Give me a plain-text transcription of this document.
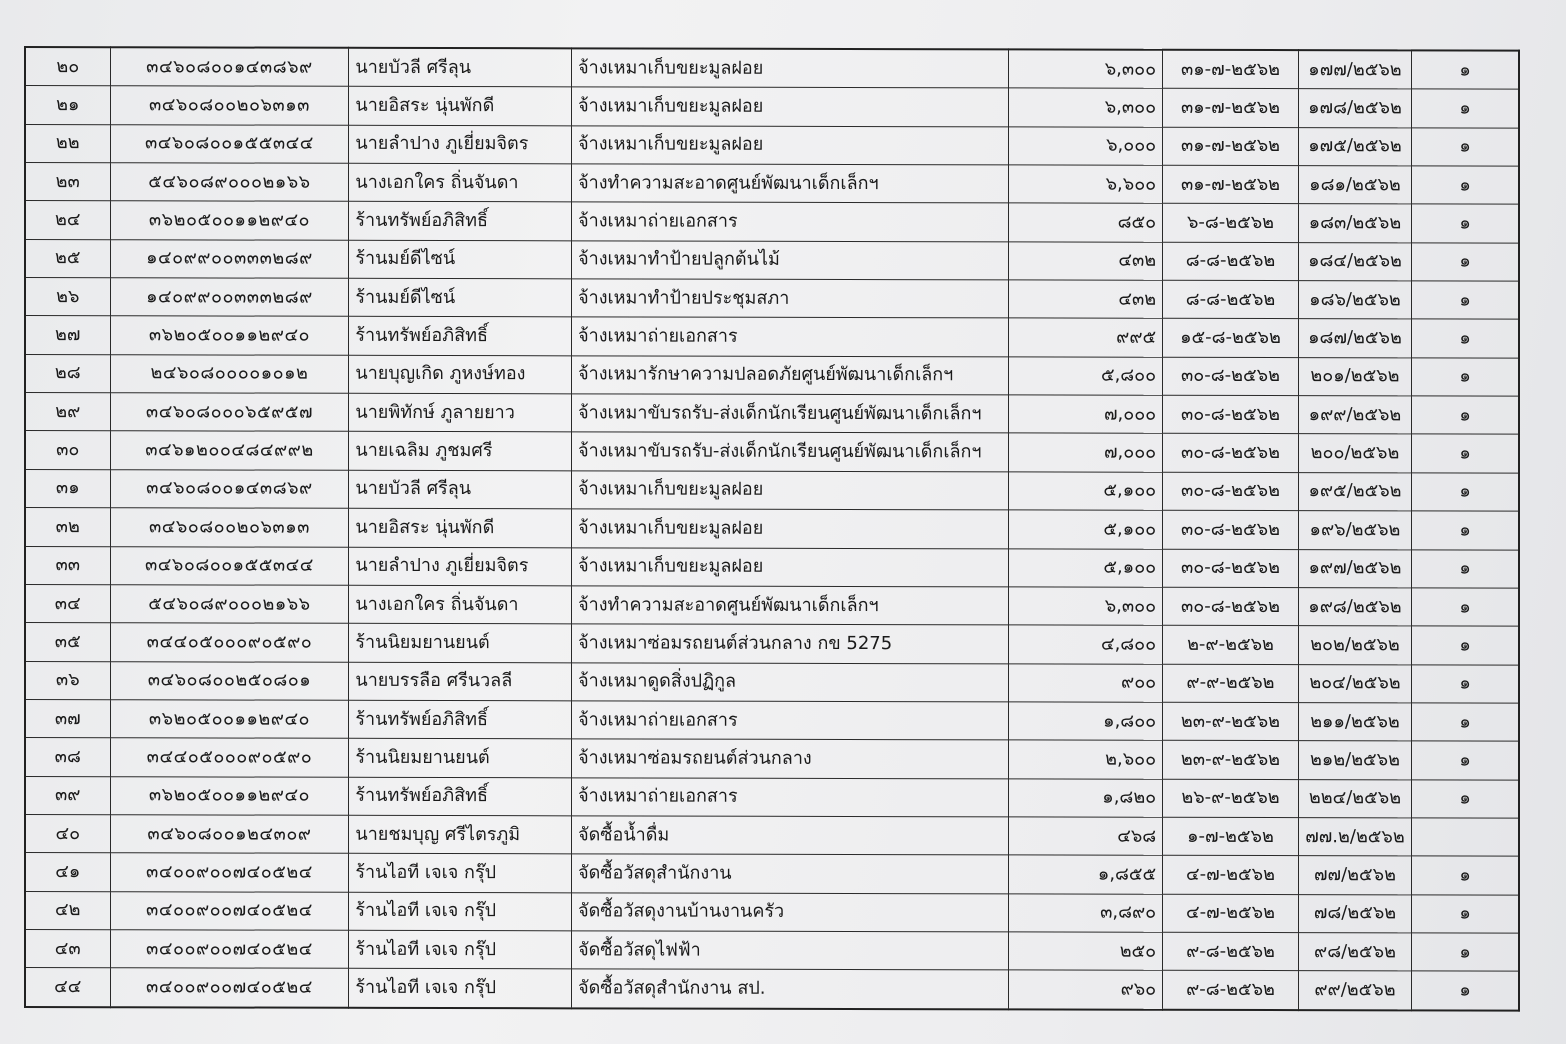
๒๐	๓๔๖๐๘๐๐๑๔๓๘๖๙	นายบัวลี ศรีลุน	จ้างเหมาเก็บขยะมูลฝอย	๖,๓๐๐	๓๑-๗-๒๕๖๒	๑๗๗/๒๕๖๒	๑
๒๑	๓๔๖๐๘๐๐๒๐๖๓๑๓	นายอิสระ นุ่นพักดี	จ้างเหมาเก็บขยะมูลฝอย	๖,๓๐๐	๓๑-๗-๒๕๖๒	๑๗๘/๒๕๖๒	๑
๒๒	๓๔๖๐๘๐๐๑๕๕๓๔๔	นายลำปาง ภูเยี่ยมจิตร	จ้างเหมาเก็บขยะมูลฝอย	๖,๐๐๐	๓๑-๗-๒๕๖๒	๑๗๕/๒๕๖๒	๑
๒๓	๕๔๖๐๘๙๐๐๐๒๑๖๖	นางเอกใคร ถิ่นจันดา	จ้างทำความสะอาดศูนย์พัฒนาเด็กเล็กฯ	๖,๖๐๐	๓๑-๗-๒๕๖๒	๑๘๑/๒๕๖๒	๑
๒๔	๓๖๒๐๕๐๐๑๑๒๙๔๐	ร้านทรัพย์อภิสิทธิ์	จ้างเหมาถ่ายเอกสาร	๘๕๐	๖-๘-๒๕๖๒	๑๘๓/๒๕๖๒	๑
๒๕	๑๔๐๙๙๐๐๓๓๓๒๘๙	ร้านมย์ดีไซน์	จ้างเหมาทำป้ายปลูกต้นไม้	๔๓๒	๘-๘-๒๕๖๒	๑๘๔/๒๕๖๒	๑
๒๖	๑๔๐๙๙๐๐๓๓๓๒๘๙	ร้านมย์ดีไซน์	จ้างเหมาทำป้ายประชุมสภา	๔๓๒	๘-๘-๒๕๖๒	๑๘๖/๒๕๖๒	๑
๒๗	๓๖๒๐๕๐๐๑๑๒๙๔๐	ร้านทรัพย์อภิสิทธิ์	จ้างเหมาถ่ายเอกสาร	๙๙๕	๑๕-๘-๒๕๖๒	๑๘๗/๒๕๖๒	๑
๒๘	๒๔๖๐๘๐๐๐๐๑๐๑๒	นายบุญเกิด ภูหงษ์ทอง	จ้างเหมารักษาความปลอดภัยศูนย์พัฒนาเด็กเล็กฯ	๕,๘๐๐	๓๐-๘-๒๕๖๒	๒๐๑/๒๕๖๒	๑
๒๙	๓๔๖๐๘๐๐๐๖๕๙๕๗	นายพิทักษ์ ภูลายยาว	จ้างเหมาขับรถรับ-ส่งเด็กนักเรียนศูนย์พัฒนาเด็กเล็กฯ	๗,๐๐๐	๓๐-๘-๒๕๖๒	๑๙๙/๒๕๖๒	๑
๓๐	๓๔๖๑๒๐๐๔๘๔๙๙๒	นายเฉลิม ภูชมศรี	จ้างเหมาขับรถรับ-ส่งเด็กนักเรียนศูนย์พัฒนาเด็กเล็กฯ	๗,๐๐๐	๓๐-๘-๒๕๖๒	๒๐๐/๒๕๖๒	๑
๓๑	๓๔๖๐๘๐๐๑๔๓๘๖๙	นายบัวลี ศรีลุน	จ้างเหมาเก็บขยะมูลฝอย	๕,๑๐๐	๓๐-๘-๒๕๖๒	๑๙๕/๒๕๖๒	๑
๓๒	๓๔๖๐๘๐๐๒๐๖๓๑๓	นายอิสระ นุ่นพักดี	จ้างเหมาเก็บขยะมูลฝอย	๕,๑๐๐	๓๐-๘-๒๕๖๒	๑๙๖/๒๕๖๒	๑
๓๓	๓๔๖๐๘๐๐๑๕๕๓๔๔	นายลำปาง ภูเยี่ยมจิตร	จ้างเหมาเก็บขยะมูลฝอย	๕,๑๐๐	๓๐-๘-๒๕๖๒	๑๙๗/๒๕๖๒	๑
๓๔	๕๔๖๐๘๙๐๐๐๒๑๖๖	นางเอกใคร ถิ่นจันดา	จ้างทำความสะอาดศูนย์พัฒนาเด็กเล็กฯ	๖,๓๐๐	๓๐-๘-๒๕๖๒	๑๙๘/๒๕๖๒	๑
๓๕	๓๔๔๐๕๐๐๐๙๐๕๙๐	ร้านนิยมยานยนต์	จ้างเหมาซ่อมรถยนต์ส่วนกลาง กข 5275	๔,๘๐๐	๒-๙-๒๕๖๒	๒๐๒/๒๕๖๒	๑
๓๖	๓๔๖๐๘๐๐๒๕๐๘๐๑	นายบรรลือ ศรีนวลลี	จ้างเหมาดูดสิ่งปฏิกูล	๙๐๐	๙-๙-๒๕๖๒	๒๐๔/๒๕๖๒	๑
๓๗	๓๖๒๐๕๐๐๑๑๒๙๔๐	ร้านทรัพย์อภิสิทธิ์	จ้างเหมาถ่ายเอกสาร	๑,๘๐๐	๒๓-๙-๒๕๖๒	๒๑๑/๒๕๖๒	๑
๓๘	๓๔๔๐๕๐๐๐๙๐๕๙๐	ร้านนิยมยานยนต์	จ้างเหมาซ่อมรถยนต์ส่วนกลาง	๒,๖๐๐	๒๓-๙-๒๕๖๒	๒๑๒/๒๕๖๒	๑
๓๙	๓๖๒๐๕๐๐๑๑๒๙๔๐	ร้านทรัพย์อภิสิทธิ์	จ้างเหมาถ่ายเอกสาร	๑,๘๒๐	๒๖-๙-๒๕๖๒	๒๒๔/๒๕๖๒	๑
๔๐	๓๔๖๐๘๐๐๑๒๔๓๐๙	นายชมบุญ ศรีไตรภูมิ	จัดซื้อน้ำดื่ม	๔๖๘	๑-๗-๒๕๖๒	๗๗.๒/๒๕๖๒	
๔๑	๓๔๐๐๙๐๐๗๔๐๕๒๔	ร้านไอที เจเจ กรุ๊ป	จัดซื้อวัสดุสำนักงาน	๑,๘๕๕	๔-๗-๒๕๖๒	๗๗/๒๕๖๒	๑
๔๒	๓๔๐๐๙๐๐๗๔๐๕๒๔	ร้านไอที เจเจ กรุ๊ป	จัดซื้อวัสดุงานบ้านงานครัว	๓,๘๙๐	๔-๗-๒๕๖๒	๗๘/๒๕๖๒	๑
๔๓	๓๔๐๐๙๐๐๗๔๐๕๒๔	ร้านไอที เจเจ กรุ๊ป	จัดซื้อวัสดุไฟฟ้า	๒๕๐	๙-๘-๒๕๖๒	๙๘/๒๕๖๒	๑
๔๔	๓๔๐๐๙๐๐๗๔๐๕๒๔	ร้านไอที เจเจ กรุ๊ป	จัดซื้อวัสดุสำนักงาน สป.	๙๖๐	๙-๘-๒๕๖๒	๙๙/๒๕๖๒	๑
